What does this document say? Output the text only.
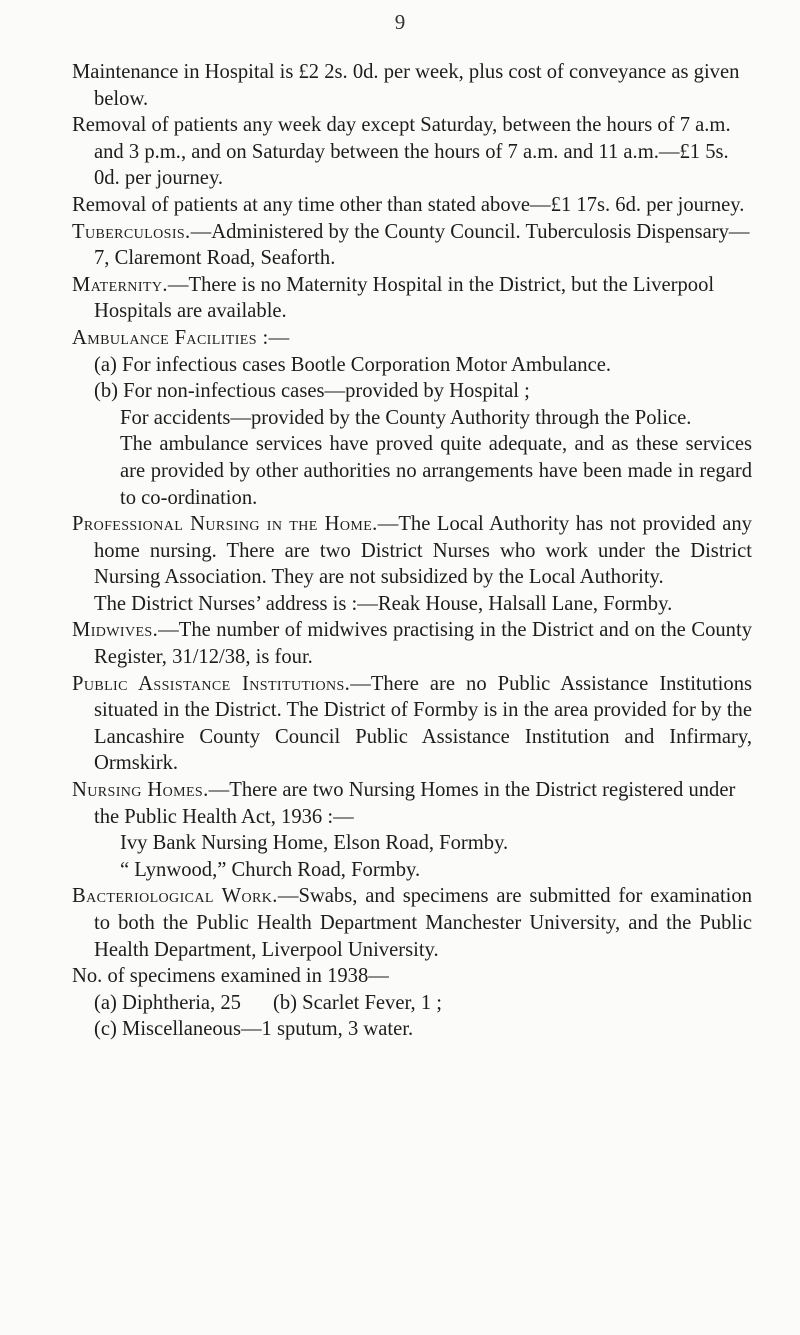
9

Maintenance in Hospital is £2 2s. 0d. per week, plus cost of conveyance as given below.

Removal of patients any week day except Saturday, between the hours of 7 a.m. and 3 p.m., and on Saturday between the hours of 7 a.m. and 11 a.m.—£1 5s. 0d. per journey.

Removal of patients at any time other than stated above—£1 17s. 6d. per journey.

Tuberculosis.—Administered by the County Council. Tuberculosis Dispensary—7, Claremont Road, Seaforth.

Maternity.—There is no Maternity Hospital in the District, but the Liverpool Hospitals are available.

Ambulance Facilities :—

(a) For infectious cases Bootle Corporation Motor Ambulance.

(b) For non-infectious cases—provided by Hospital ;

For accidents—provided by the County Authority through the Police.

The ambulance services have proved quite adequate, and as these services are provided by other authorities no arrangements have been made in regard to co-ordination.

Professional Nursing in the Home.—The Local Authority has not provided any home nursing. There are two District Nurses who work under the District Nursing Association. They are not subsidized by the Local Authority.

The District Nurses’ address is :—Reak House, Halsall Lane, Formby.

Midwives.—The number of midwives practising in the District and on the County Register, 31/12/38, is four.

Public Assistance Institutions.—There are no Public Assistance Institutions situated in the District. The District of Formby is in the area provided for by the Lancashire County Council Public Assistance Institution and Infirmary, Ormskirk.

Nursing Homes.—There are two Nursing Homes in the District registered under the Public Health Act, 1936 :—

Ivy Bank Nursing Home, Elson Road, Formby.

“ Lynwood,” Church Road, Formby.

Bacteriological Work.—Swabs, and specimens are submitted for examination to both the Public Health Department Manchester University, and the Public Health Department, Liverpool University.

No. of specimens examined in 1938—

(a) Diphtheria, 25 (b) Scarlet Fever, 1 ;

(c) Miscellaneous—1 sputum, 3 water.
